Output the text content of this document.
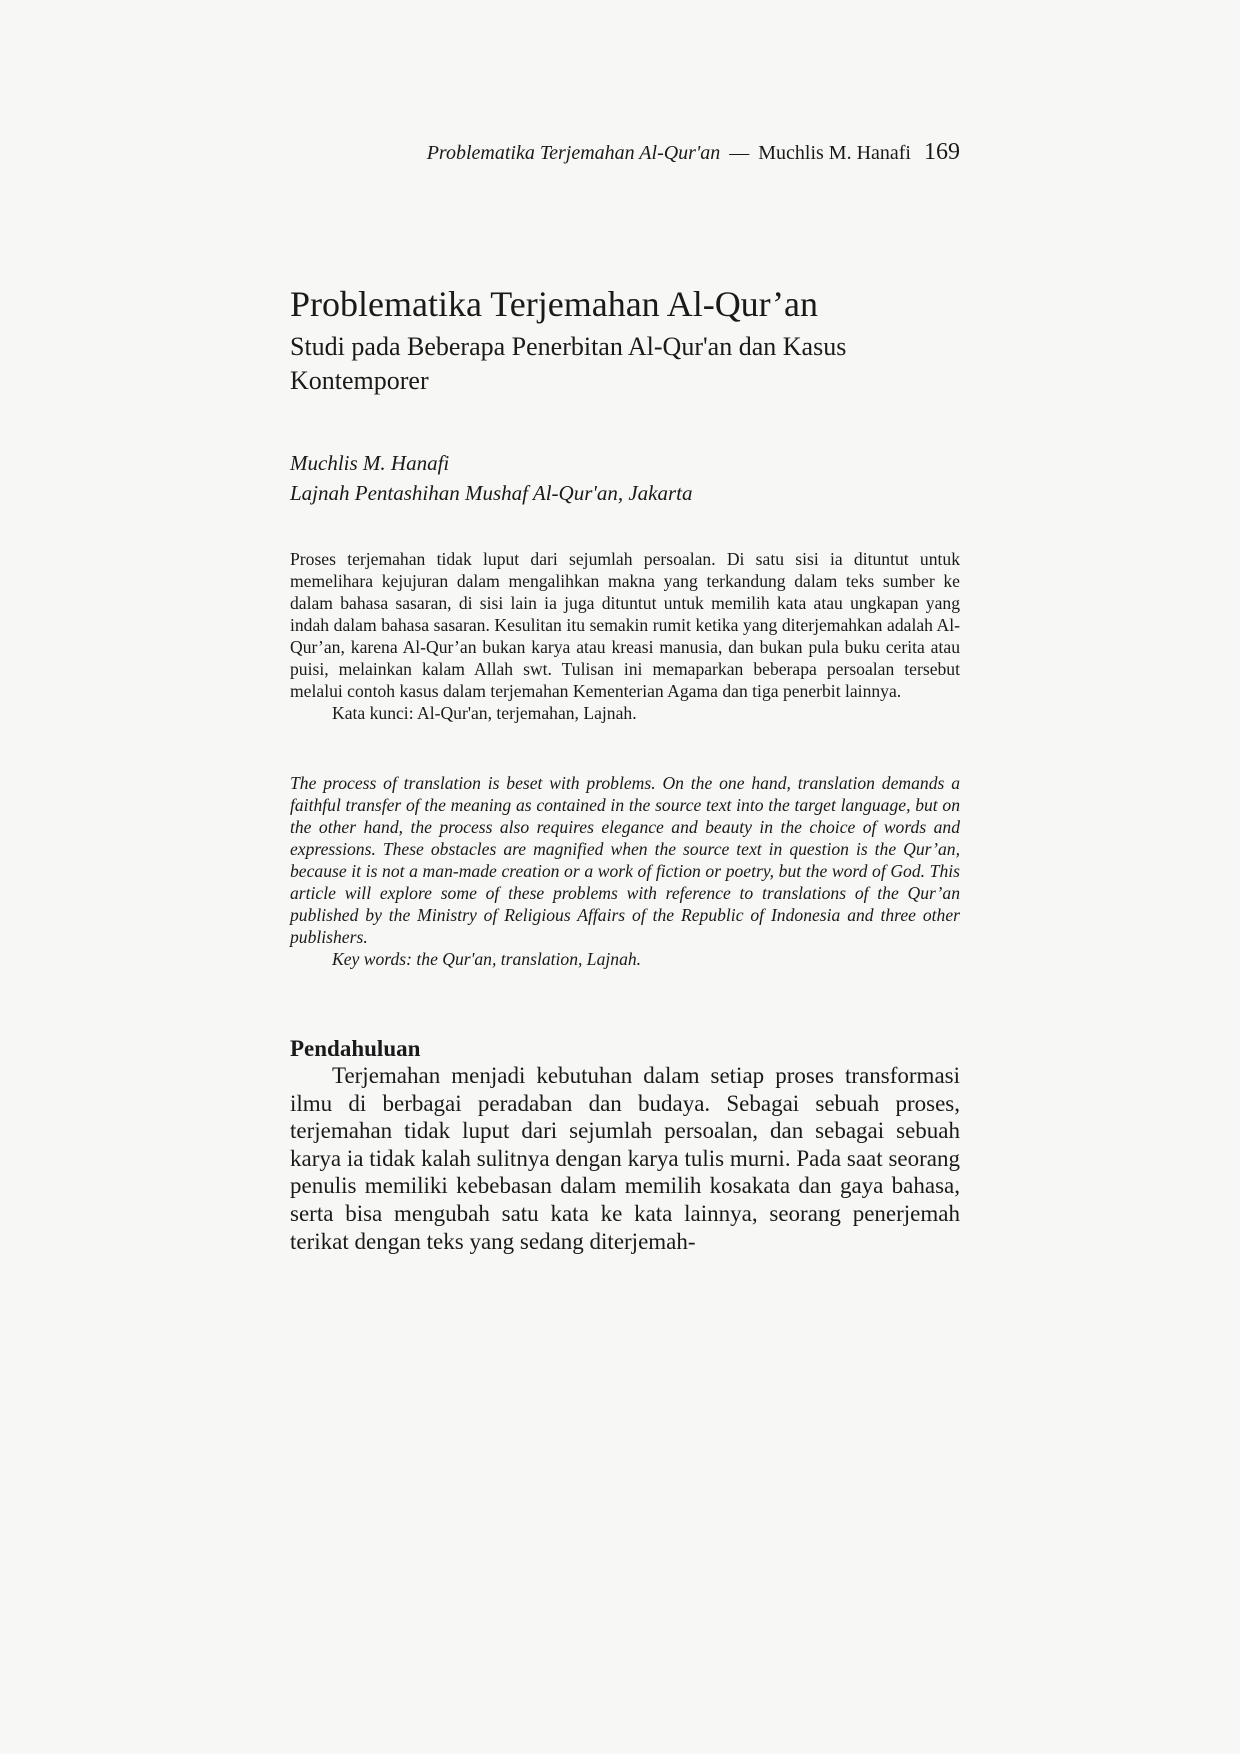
Problematika Terjemahan Al-Qur'an — Muchlis M. Hanafi 169
Problematika Terjemahan Al-Qur’an
Studi pada Beberapa Penerbitan Al-Qur'an dan Kasus Kontemporer
Muchlis M. Hanafi
Lajnah Pentashihan Mushaf Al-Qur'an, Jakarta

Proses terjemahan tidak luput dari sejumlah persoalan. Di satu sisi ia dituntut untuk memelihara kejujuran dalam mengalihkan makna yang terkandung dalam teks sumber ke dalam bahasa sasaran, di sisi lain ia juga dituntut untuk memilih kata atau ungkapan yang indah dalam bahasa sasaran. Kesulitan itu semakin rumit ketika yang diterjemahkan adalah Al-Qur’an, karena Al-Qur’an bukan karya atau kreasi manusia, dan bukan pula buku cerita atau puisi, melainkan kalam Allah swt. Tulisan ini memaparkan beberapa persoalan tersebut melalui contoh kasus dalam terjemahan Kementerian Agama dan tiga penerbit lainnya.

Kata kunci: Al-Qur'an, terjemahan, Lajnah.

The process of translation is beset with problems. On the one hand, translation demands a faithful transfer of the meaning as contained in the source text into the target language, but on the other hand, the process also requires elegance and beauty in the choice of words and expressions. These obstacles are magnified when the source text in question is the Qur’an, because it is not a man-made creation or a work of fiction or poetry, but the word of God. This article will explore some of these problems with reference to translations of the Qur’an published by the Ministry of Religious Affairs of the Republic of Indonesia and three other publishers.

Key words: the Qur'an, translation, Lajnah.

Pendahuluan

Terjemahan menjadi kebutuhan dalam setiap proses transformasi ilmu di berbagai peradaban dan budaya. Sebagai sebuah proses, terjemahan tidak luput dari sejumlah persoalan, dan sebagai sebuah karya ia tidak kalah sulitnya dengan karya tulis murni. Pada saat seorang penulis memiliki kebebasan dalam memilih kosakata dan gaya bahasa, serta bisa mengubah satu kata ke kata lainnya, seorang penerjemah terikat dengan teks yang sedang diterjemah-
